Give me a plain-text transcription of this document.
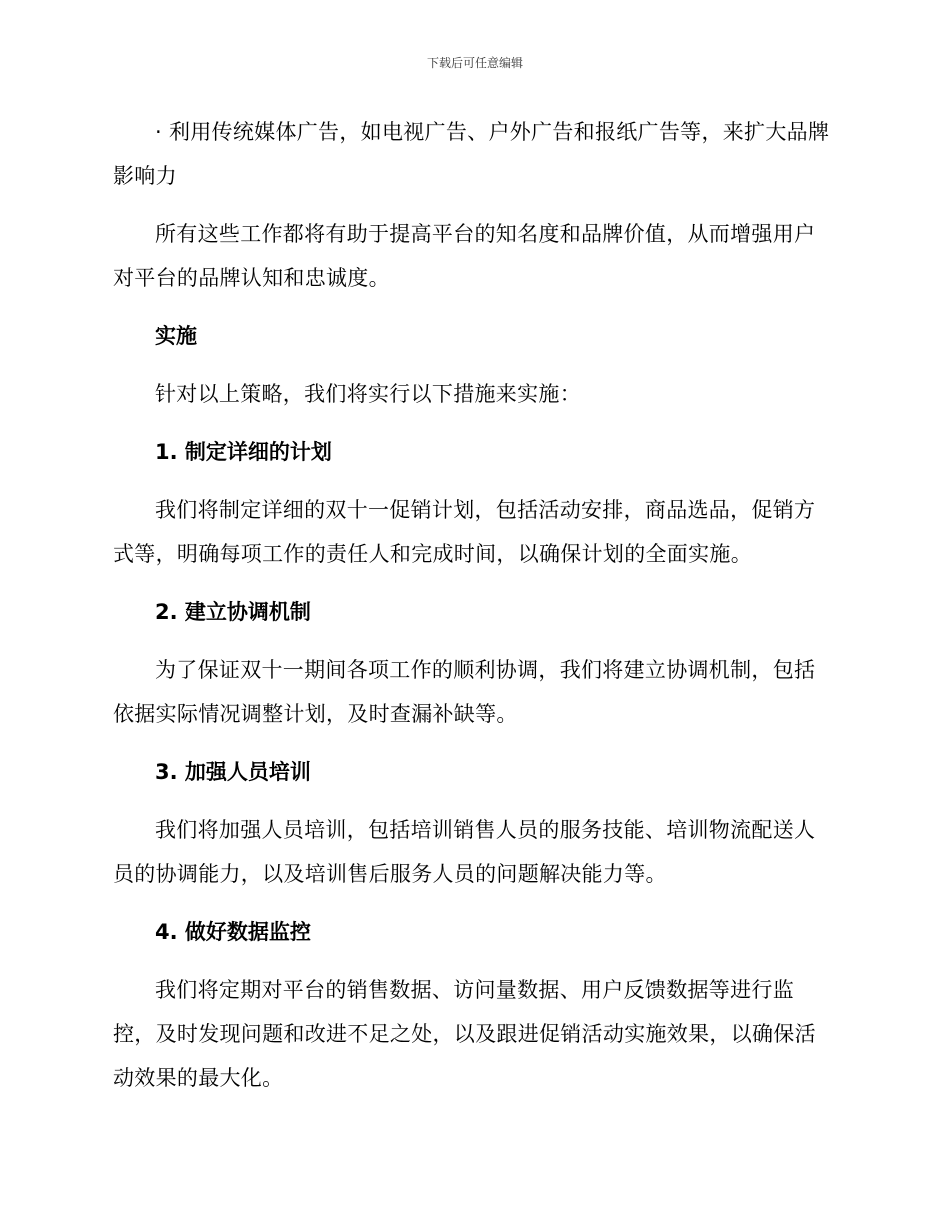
下载后可任意编辑

· 利用传统媒体广告，如电视广告、户外广告和报纸广告等，来扩大品牌影响力

所有这些工作都将有助于提高平台的知名度和品牌价值，从而增强用户对平台的品牌认知和忠诚度。

实施

针对以上策略，我们将实行以下措施来实施：

1. 制定详细的计划

我们将制定详细的双十一促销计划，包括活动安排，商品选品，促销方式等，明确每项工作的责任人和完成时间，以确保计划的全面实施。

2. 建立协调机制

为了保证双十一期间各项工作的顺利协调，我们将建立协调机制，包括依据实际情况调整计划，及时查漏补缺等。

3. 加强人员培训

我们将加强人员培训，包括培训销售人员的服务技能、培训物流配送人员的协调能力，以及培训售后服务人员的问题解决能力等。

4. 做好数据监控

我们将定期对平台的销售数据、访问量数据、用户反馈数据等进行监控，及时发现问题和改进不足之处，以及跟进促销活动实施效果，以确保活动效果的最大化。
